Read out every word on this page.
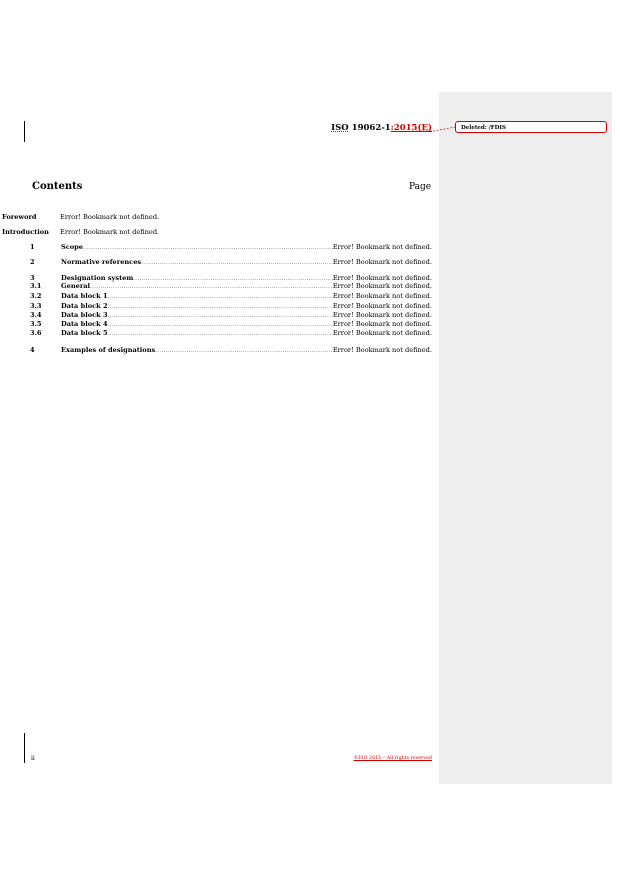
ISO 19062-1:2015(E)	Deleted: /FDIS
Contents	Page
Foreword	Error! Bookmark not defined.
Introduction Error! Bookmark not defined.
1	Scope .....	Error! Bookmark not defined.
2	Normative references .....	Error! Bookmark not defined.
3	Designation system .....	Error! Bookmark not defined.
3.1	General .....	Error! Bookmark not defined.
3.2	Data block 1 .....	Error! Bookmark not defined.
3.3	Data block 2 .....	Error! Bookmark not defined.
3.4	Data block 3 .....	Error! Bookmark not defined.
3.5	Data block 4 .....	Error! Bookmark not defined.
3.6	Data block 5 .....	Error! Bookmark not defined.
4	Examples of designations .....	Error! Bookmark not defined.
ii	©ISO 2015 – All rights reserved
